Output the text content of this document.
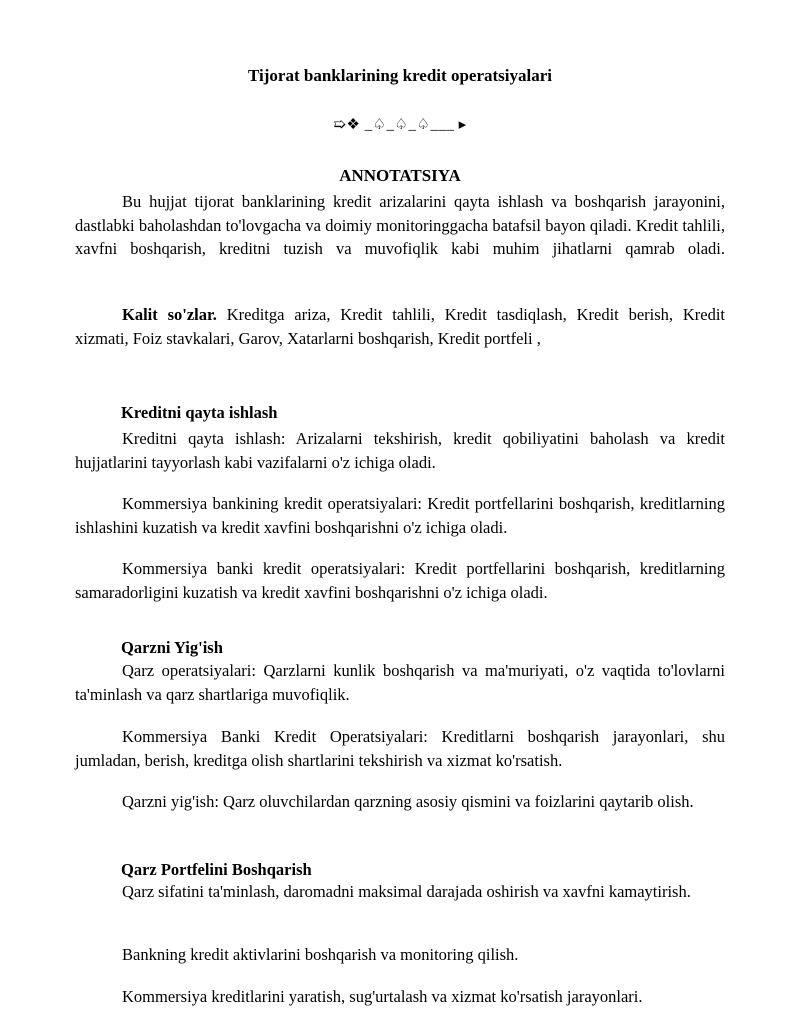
Tijorat banklarining kredit operatsiyalari
➯❖ _♤_♤_♤___ ▸
ANNOTATSIYA

Bu hujjat tijorat banklarining kredit arizalarini qayta ishlash va boshqarish jarayonini, dastlabki baholashdan to'lovgacha va doimiy monitoringgacha batafsil bayon qiladi. Kredit tahlili, xavfni boshqarish, kreditni tuzish va muvofiqlik kabi muhim jihatlarni qamrab oladi.

Kalit so'zlar. Kreditga ariza, Kredit tahlili, Kredit tasdiqlash, Kredit berish, Kredit xizmati, Foiz stavkalari, Garov, Xatarlarni boshqarish, Kredit portfeli ,

Kreditni qayta ishlash

Kreditni qayta ishlash: Arizalarni tekshirish, kredit qobiliyatini baholash va kredit hujjatlarini tayyorlash kabi vazifalarni o'z ichiga oladi.

Kommersiya bankining kredit operatsiyalari: Kredit portfellarini boshqarish, kreditlarning ishlashini kuzatish va kredit xavfini boshqarishni o'z ichiga oladi.

Kommersiya banki kredit operatsiyalari: Kredit portfellarini boshqarish, kreditlarning samaradorligini kuzatish va kredit xavfini boshqarishni o'z ichiga oladi.

Qarzni Yig'ish

Qarz operatsiyalari: Qarzlarni kunlik boshqarish va ma'muriyati, o'z vaqtida to'lovlarni ta'minlash va qarz shartlariga muvofiqlik.

Kommersiya Banki Kredit Operatsiyalari: Kreditlarni boshqarish jarayonlari, shu jumladan, berish, kreditga olish shartlarini tekshirish va xizmat ko'rsatish.

Qarzni yig'ish: Qarz oluvchilardan qarzning asosiy qismini va foizlarini qaytarib olish.

Qarz Portfelini Boshqarish

Qarz sifatini ta'minlash, daromadni maksimal darajada oshirish va xavfni kamaytirish.

Bankning kredit aktivlarini boshqarish va monitoring qilish.

Kommersiya kreditlarini yaratish, sug'urtalash va xizmat ko'rsatish jarayonlari.
